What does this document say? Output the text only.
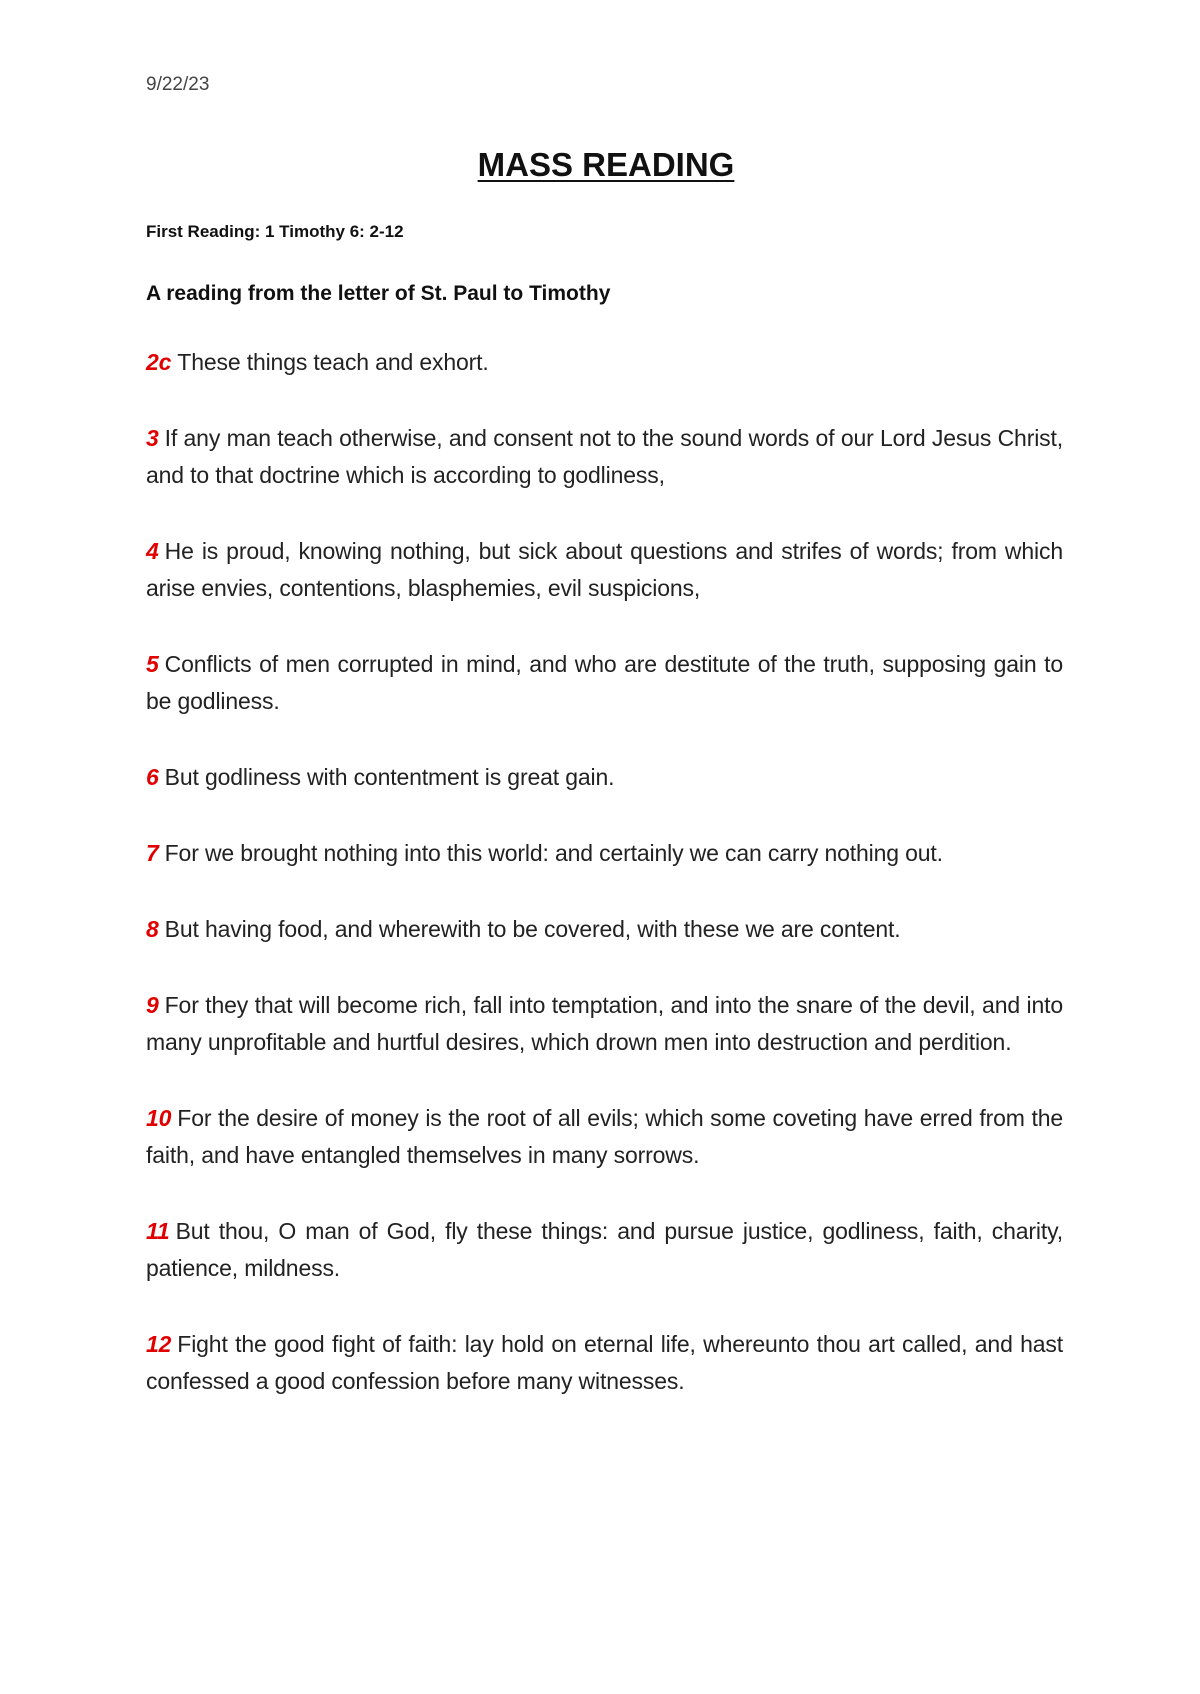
9/22/23
MASS READING
First Reading: 1 Timothy 6: 2-12
A reading from the letter of St. Paul to Timothy

2c These things teach and exhort.

3 If any man teach otherwise, and consent not to the sound words of our Lord Jesus Christ, and to that doctrine which is according to godliness,

4 He is proud, knowing nothing, but sick about questions and strifes of words; from which arise envies, contentions, blasphemies, evil suspicions,

5 Conflicts of men corrupted in mind, and who are destitute of the truth, supposing gain to be godliness.

6 But godliness with contentment is great gain.

7 For we brought nothing into this world: and certainly we can carry nothing out.

8 But having food, and wherewith to be covered, with these we are content.

9 For they that will become rich, fall into temptation, and into the snare of the devil, and into many unprofitable and hurtful desires, which drown men into destruction and perdition.

10 For the desire of money is the root of all evils; which some coveting have erred from the faith, and have entangled themselves in many sorrows.

11 But thou, O man of God, fly these things: and pursue justice, godliness, faith, charity, patience, mildness.

12 Fight the good fight of faith: lay hold on eternal life, whereunto thou art called, and hast confessed a good confession before many witnesses.
